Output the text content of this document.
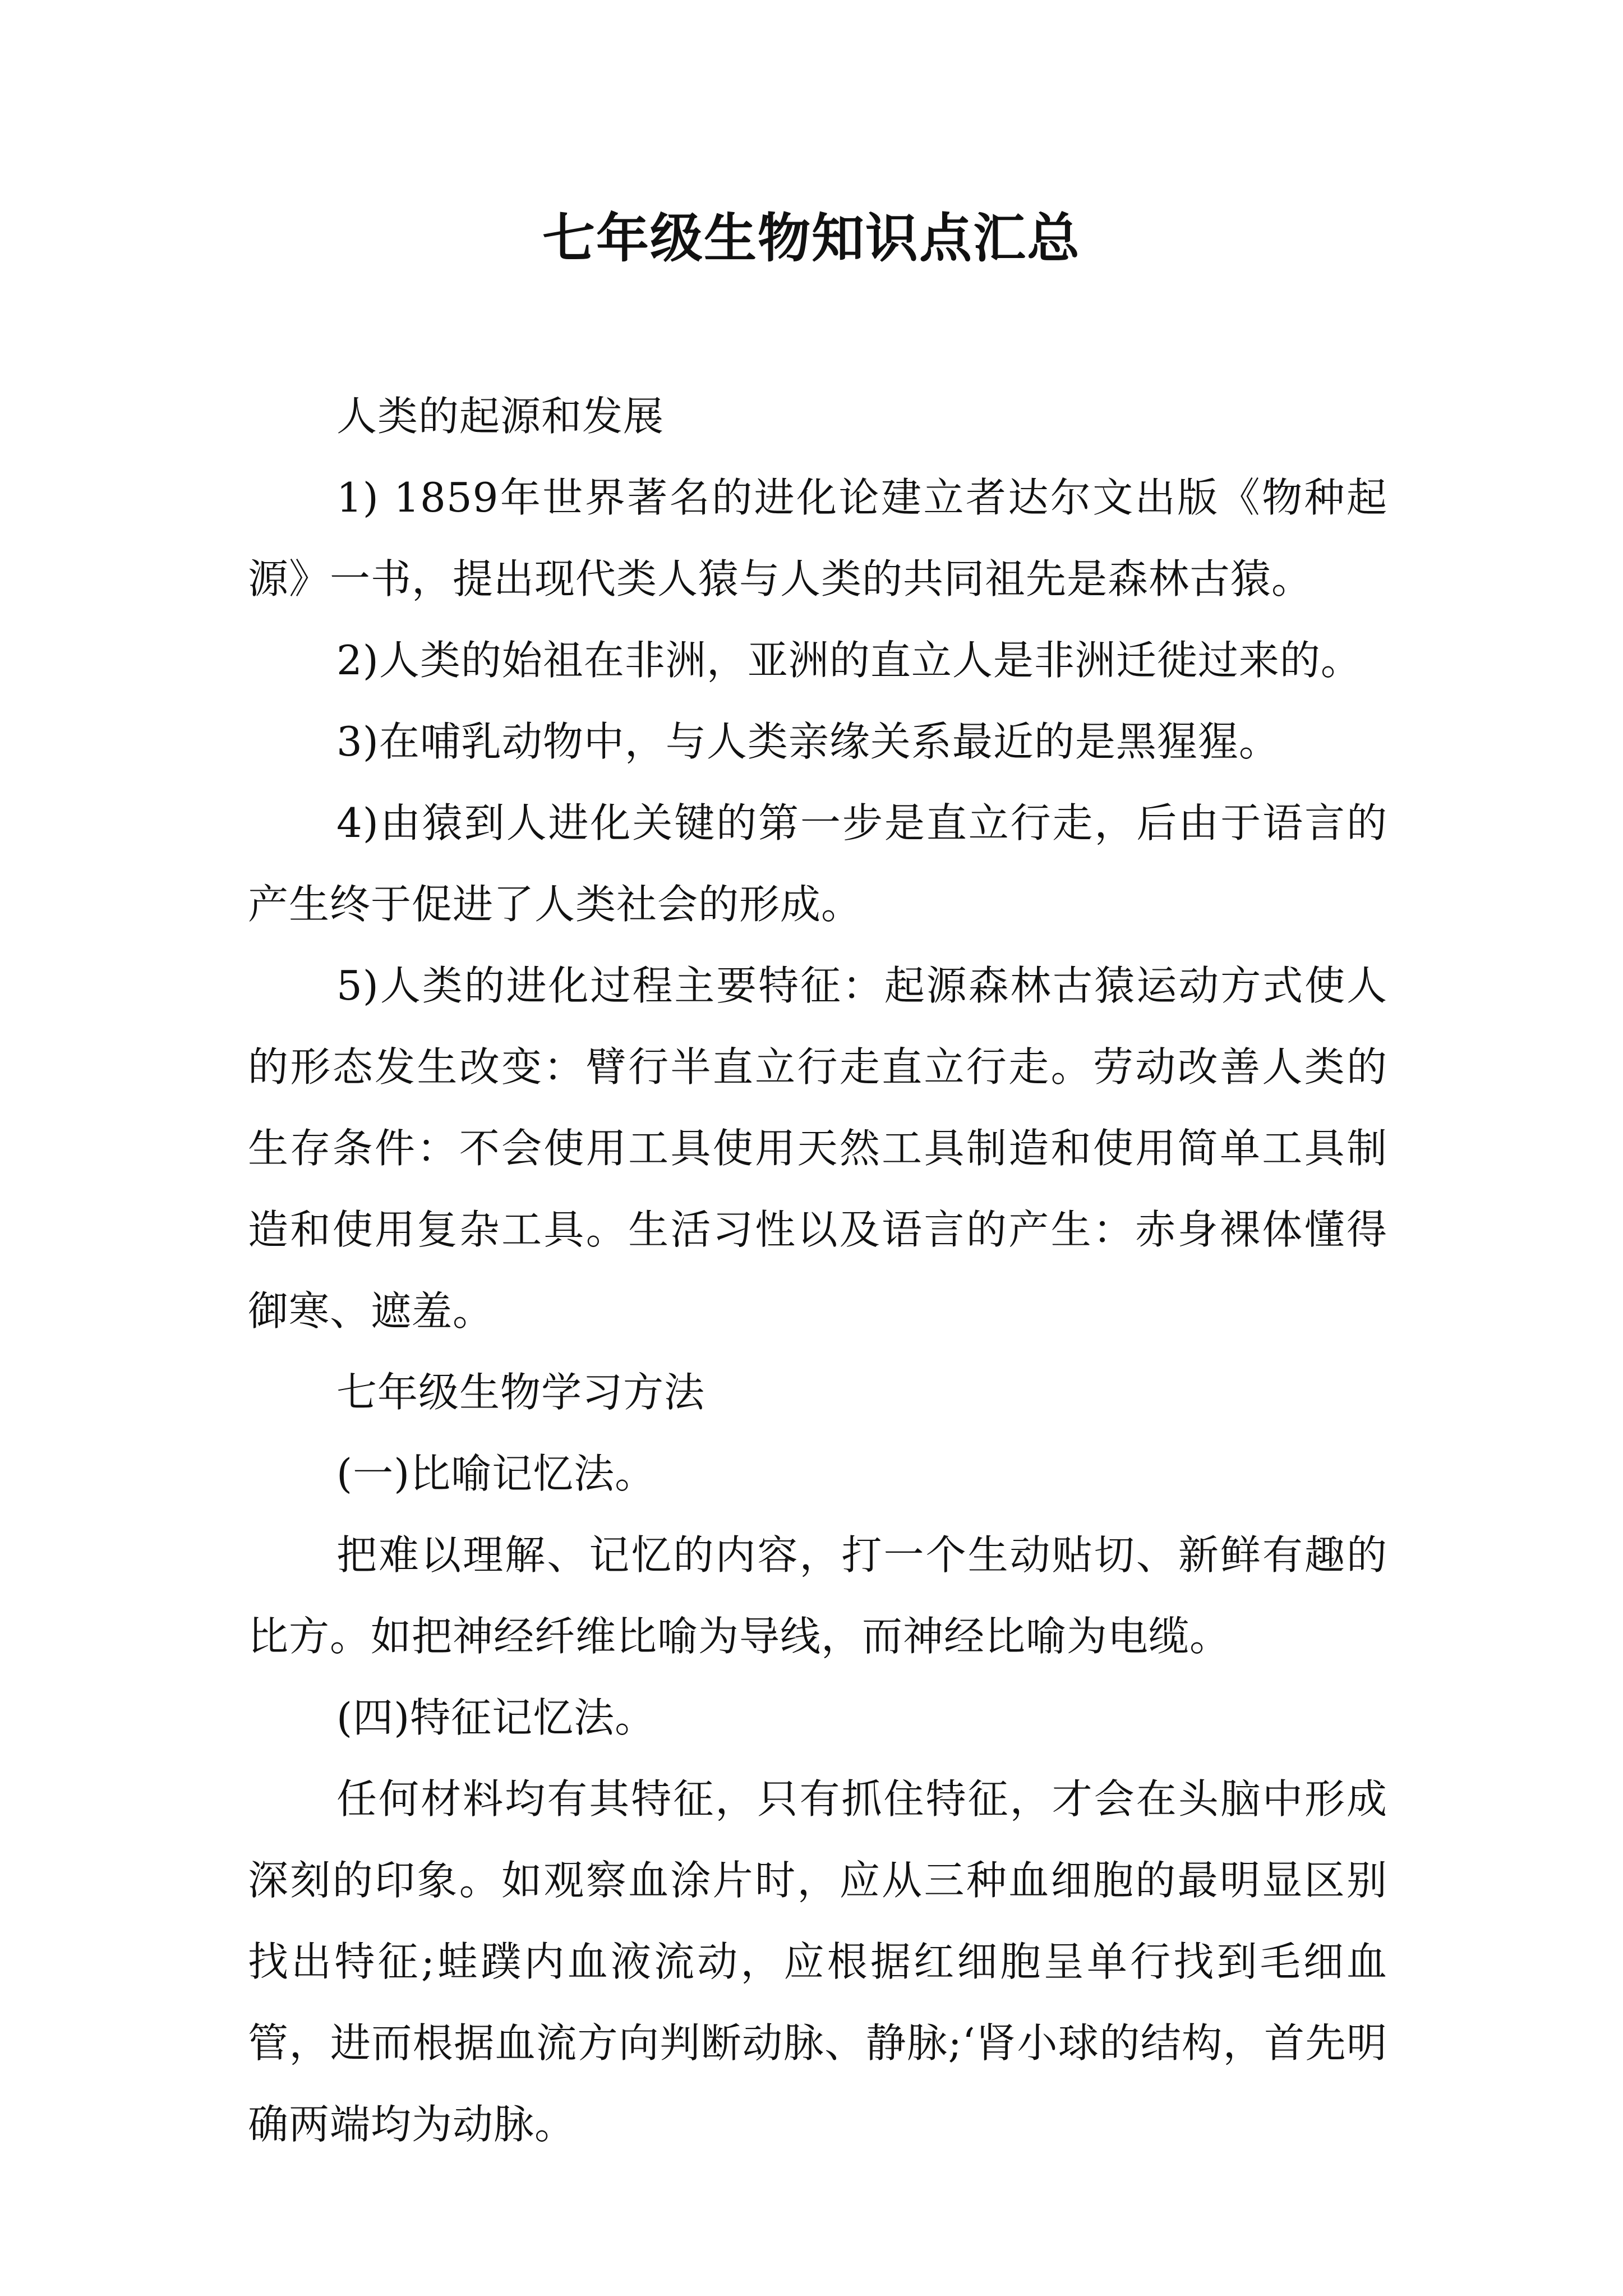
七年级生物知识点汇总

人类的起源和发展

1) 1859年世界著名的进化论建立者达尔文出版《物种起源》一书，提出现代类人猿与人类的共同祖先是森林古猿。

2)人类的始祖在非洲，亚洲的直立人是非洲迁徙过来的。

3)在哺乳动物中，与人类亲缘关系最近的是黑猩猩。

4)由猿到人进化关键的第一步是直立行走，后由于语言的产生终于促进了人类社会的形成。

5)人类的进化过程主要特征：起源森林古猿运动方式使人的形态发生改变：臂行半直立行走直立行走。劳动改善人类的生存条件：不会使用工具使用天然工具制造和使用简单工具制造和使用复杂工具。生活习性以及语言的产生：赤身裸体懂得御寒、遮羞。

七年级生物学习方法

(一)比喻记忆法。

把难以理解、记忆的内容，打一个生动贴切、新鲜有趣的比方。如把神经纤维比喻为导线，而神经比喻为电缆。

(四)特征记忆法。

任何材料均有其特征，只有抓住特征，才会在头脑中形成深刻的印象。如观察血涂片时，应从三种血细胞的最明显区别找出特征;蛙蹼内血液流动，应根据红细胞呈单行找到毛细血管，进而根据血流方向判断动脉、静脉;‘肾小球的结构，首先明确两端均为动脉。
